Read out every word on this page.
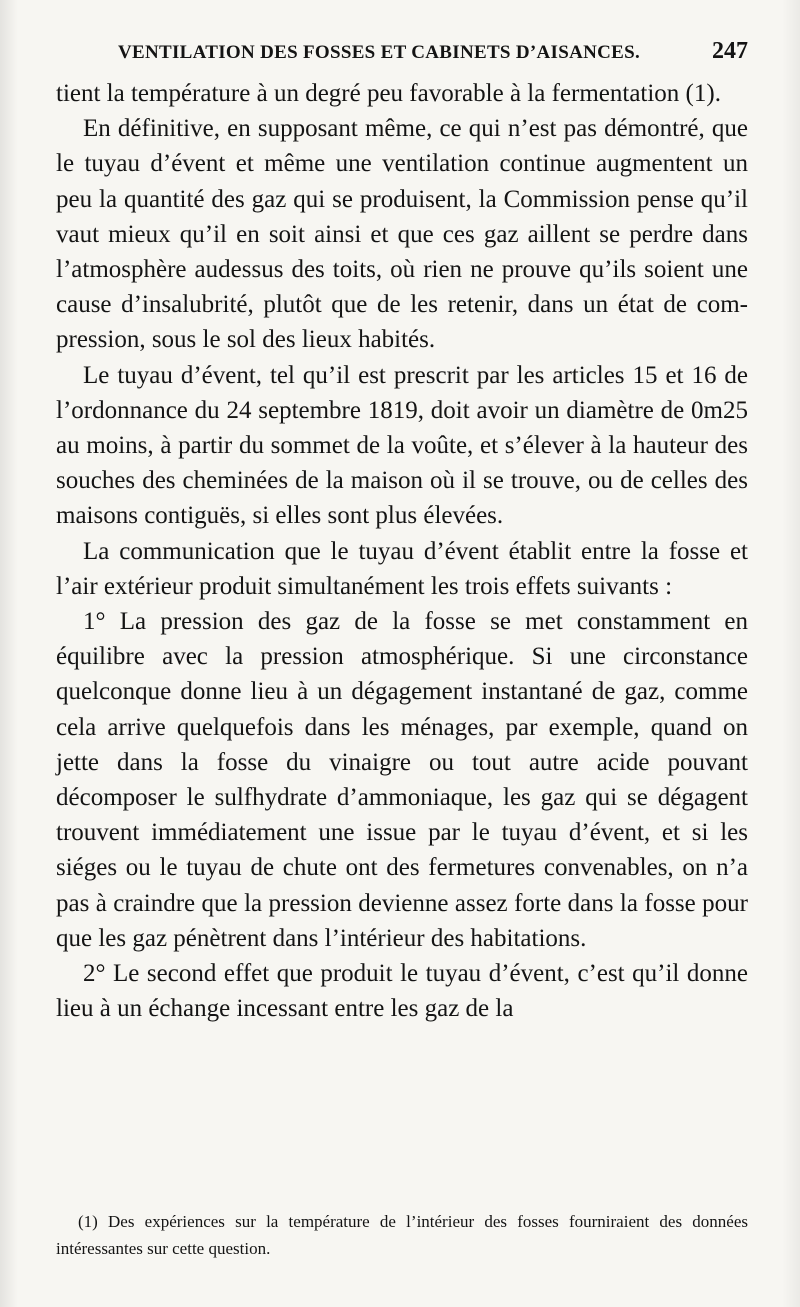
VENTILATION DES FOSSES ET CABINETS D’AISANCES.	247

tient la température à un degré peu favorable à la fermentation (1).

En définitive, en supposant même, ce qui n’est pas démontré, que le tuyau d’évent et même une ventilation continue augmentent un peu la quantité des gaz qui se produisent, la Commission pense qu’il vaut mieux qu’il en soit ainsi et que ces gaz aillent se perdre dans l’atmosphère audessus des toits, où rien ne prouve qu’ils soient une cause d’insalubrité, plutôt que de les retenir, dans un état de compression, sous le sol des lieux habités.

Le tuyau d’évent, tel qu’il est prescrit par les articles 15 et 16 de l’ordonnance du 24 septembre 1819, doit avoir un diamètre de 0m25 au moins, à partir du sommet de la voûte, et s’élever à la hauteur des souches des cheminées de la maison où il se trouve, ou de celles des maisons contiguës, si elles sont plus élevées.

La communication que le tuyau d’évent établit entre la fosse et l’air extérieur produit simultanément les trois effets suivants :

1° La pression des gaz de la fosse se met constamment en équilibre avec la pression atmosphérique. Si une circonstance quelconque donne lieu à un dégagement instantané de gaz, comme cela arrive quelquefois dans les ménages, par exemple, quand on jette dans la fosse du vinaigre ou tout autre acide pouvant décomposer le sulfhydrate d’ammoniaque, les gaz qui se dégagent trouvent immédiatement une issue par le tuyau d’évent, et si les siéges ou le tuyau de chute ont des fermetures convenables, on n’a pas à craindre que la pression devienne assez forte dans la fosse pour que les gaz pénètrent dans l’intérieur des habitations.

2° Le second effet que produit le tuyau d’évent, c’est qu’il donne lieu à un échange incessant entre les gaz de la

(1) Des expériences sur la température de l’intérieur des fosses fourniraient des données intéressantes sur cette question.
